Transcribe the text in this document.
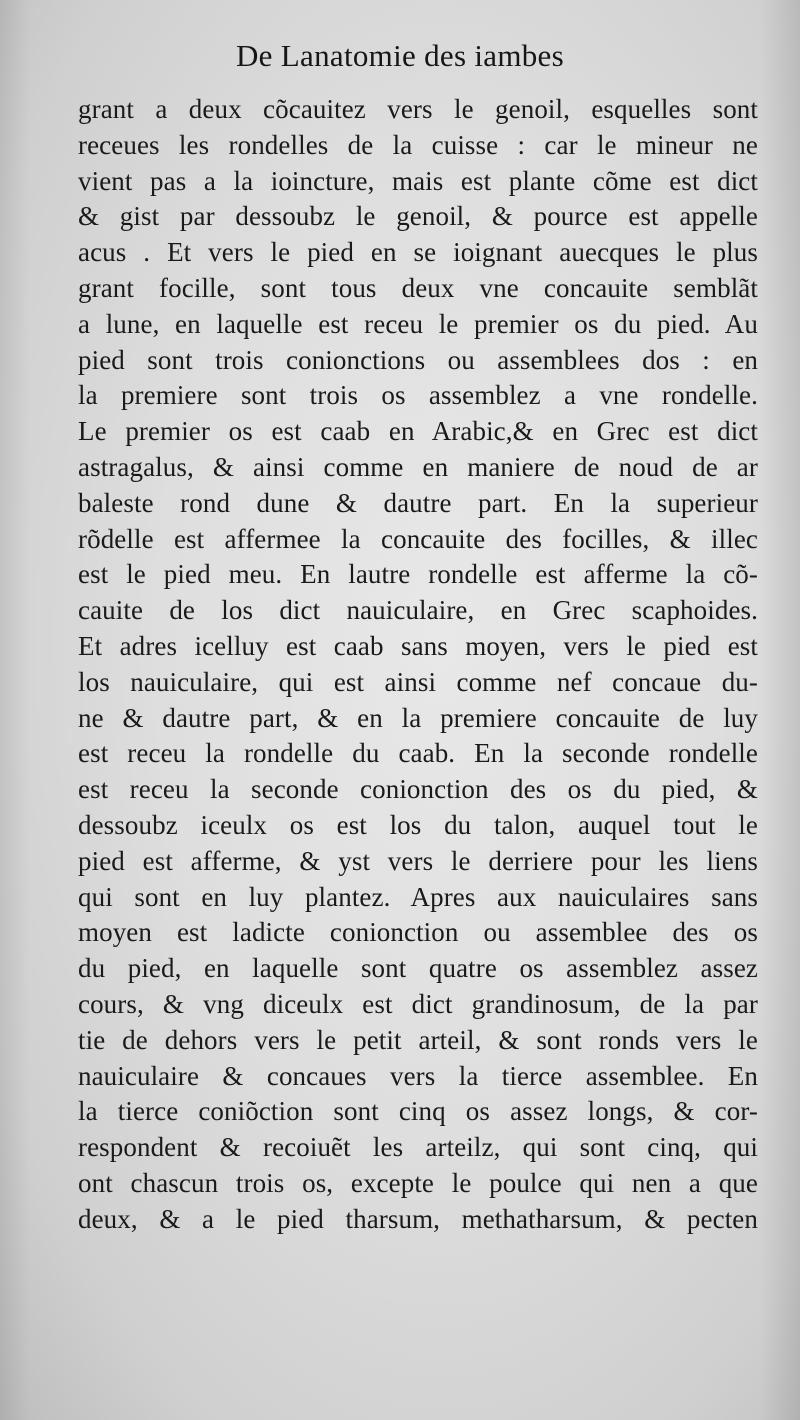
De Lanatomie des iambes
grant a deux cõcauitez vers le genoil, esquelles sont
receues les rondelles de la cuisse : car le mineur ne
vient pas a la ioincture, mais est plante cõme est dict
& gist par dessoubz le genoil, & pource est appelle
acus . Et vers le pied en se ioignant auecques le plus
grant focille, sont tous deux vne concauite semblãt
a lune, en laquelle est receu le premier os du pied. Au
pied sont trois conionctions ou assemblees dos : en
la premiere sont trois os assemblez a vne rondelle.
Le premier os est caab en Arabic,& en Grec est dict
astragalus, & ainsi comme en maniere de noud de ar
baleste rond dune & dautre part. En la superieur
rõdelle est affermee la concauite des focilles, & illec
est le pied meu. En lautre rondelle est afferme la cõ-
cauite de los dict nauiculaire, en Grec scaphoides.
Et adres icelluy est caab sans moyen, vers le pied est
los nauiculaire, qui est ainsi comme nef concaue du-
ne & dautre part, & en la premiere concauite de luy
est receu la rondelle du caab. En la seconde rondelle
est receu la seconde conionction des os du pied, &
dessoubz iceulx os est los du talon, auquel tout le
pied est afferme, & yst vers le derriere pour les liens
qui sont en luy plantez. Apres aux nauiculaires sans
moyen est ladicte conionction ou assemblee des os
du pied, en laquelle sont quatre os assemblez assez
cours, & vng diceulx est dict grandinosum, de la par
tie de dehors vers le petit arteil, & sont ronds vers le
nauiculaire & concaues vers la tierce assemblee. En
la tierce coniõction sont cinq os assez longs, & cor-
respondent & recoiuẽt les arteilz, qui sont cinq, qui
ont chascun trois os, excepte le poulce qui nen a que
deux, & a le pied tharsum, methatharsum, & pecten
